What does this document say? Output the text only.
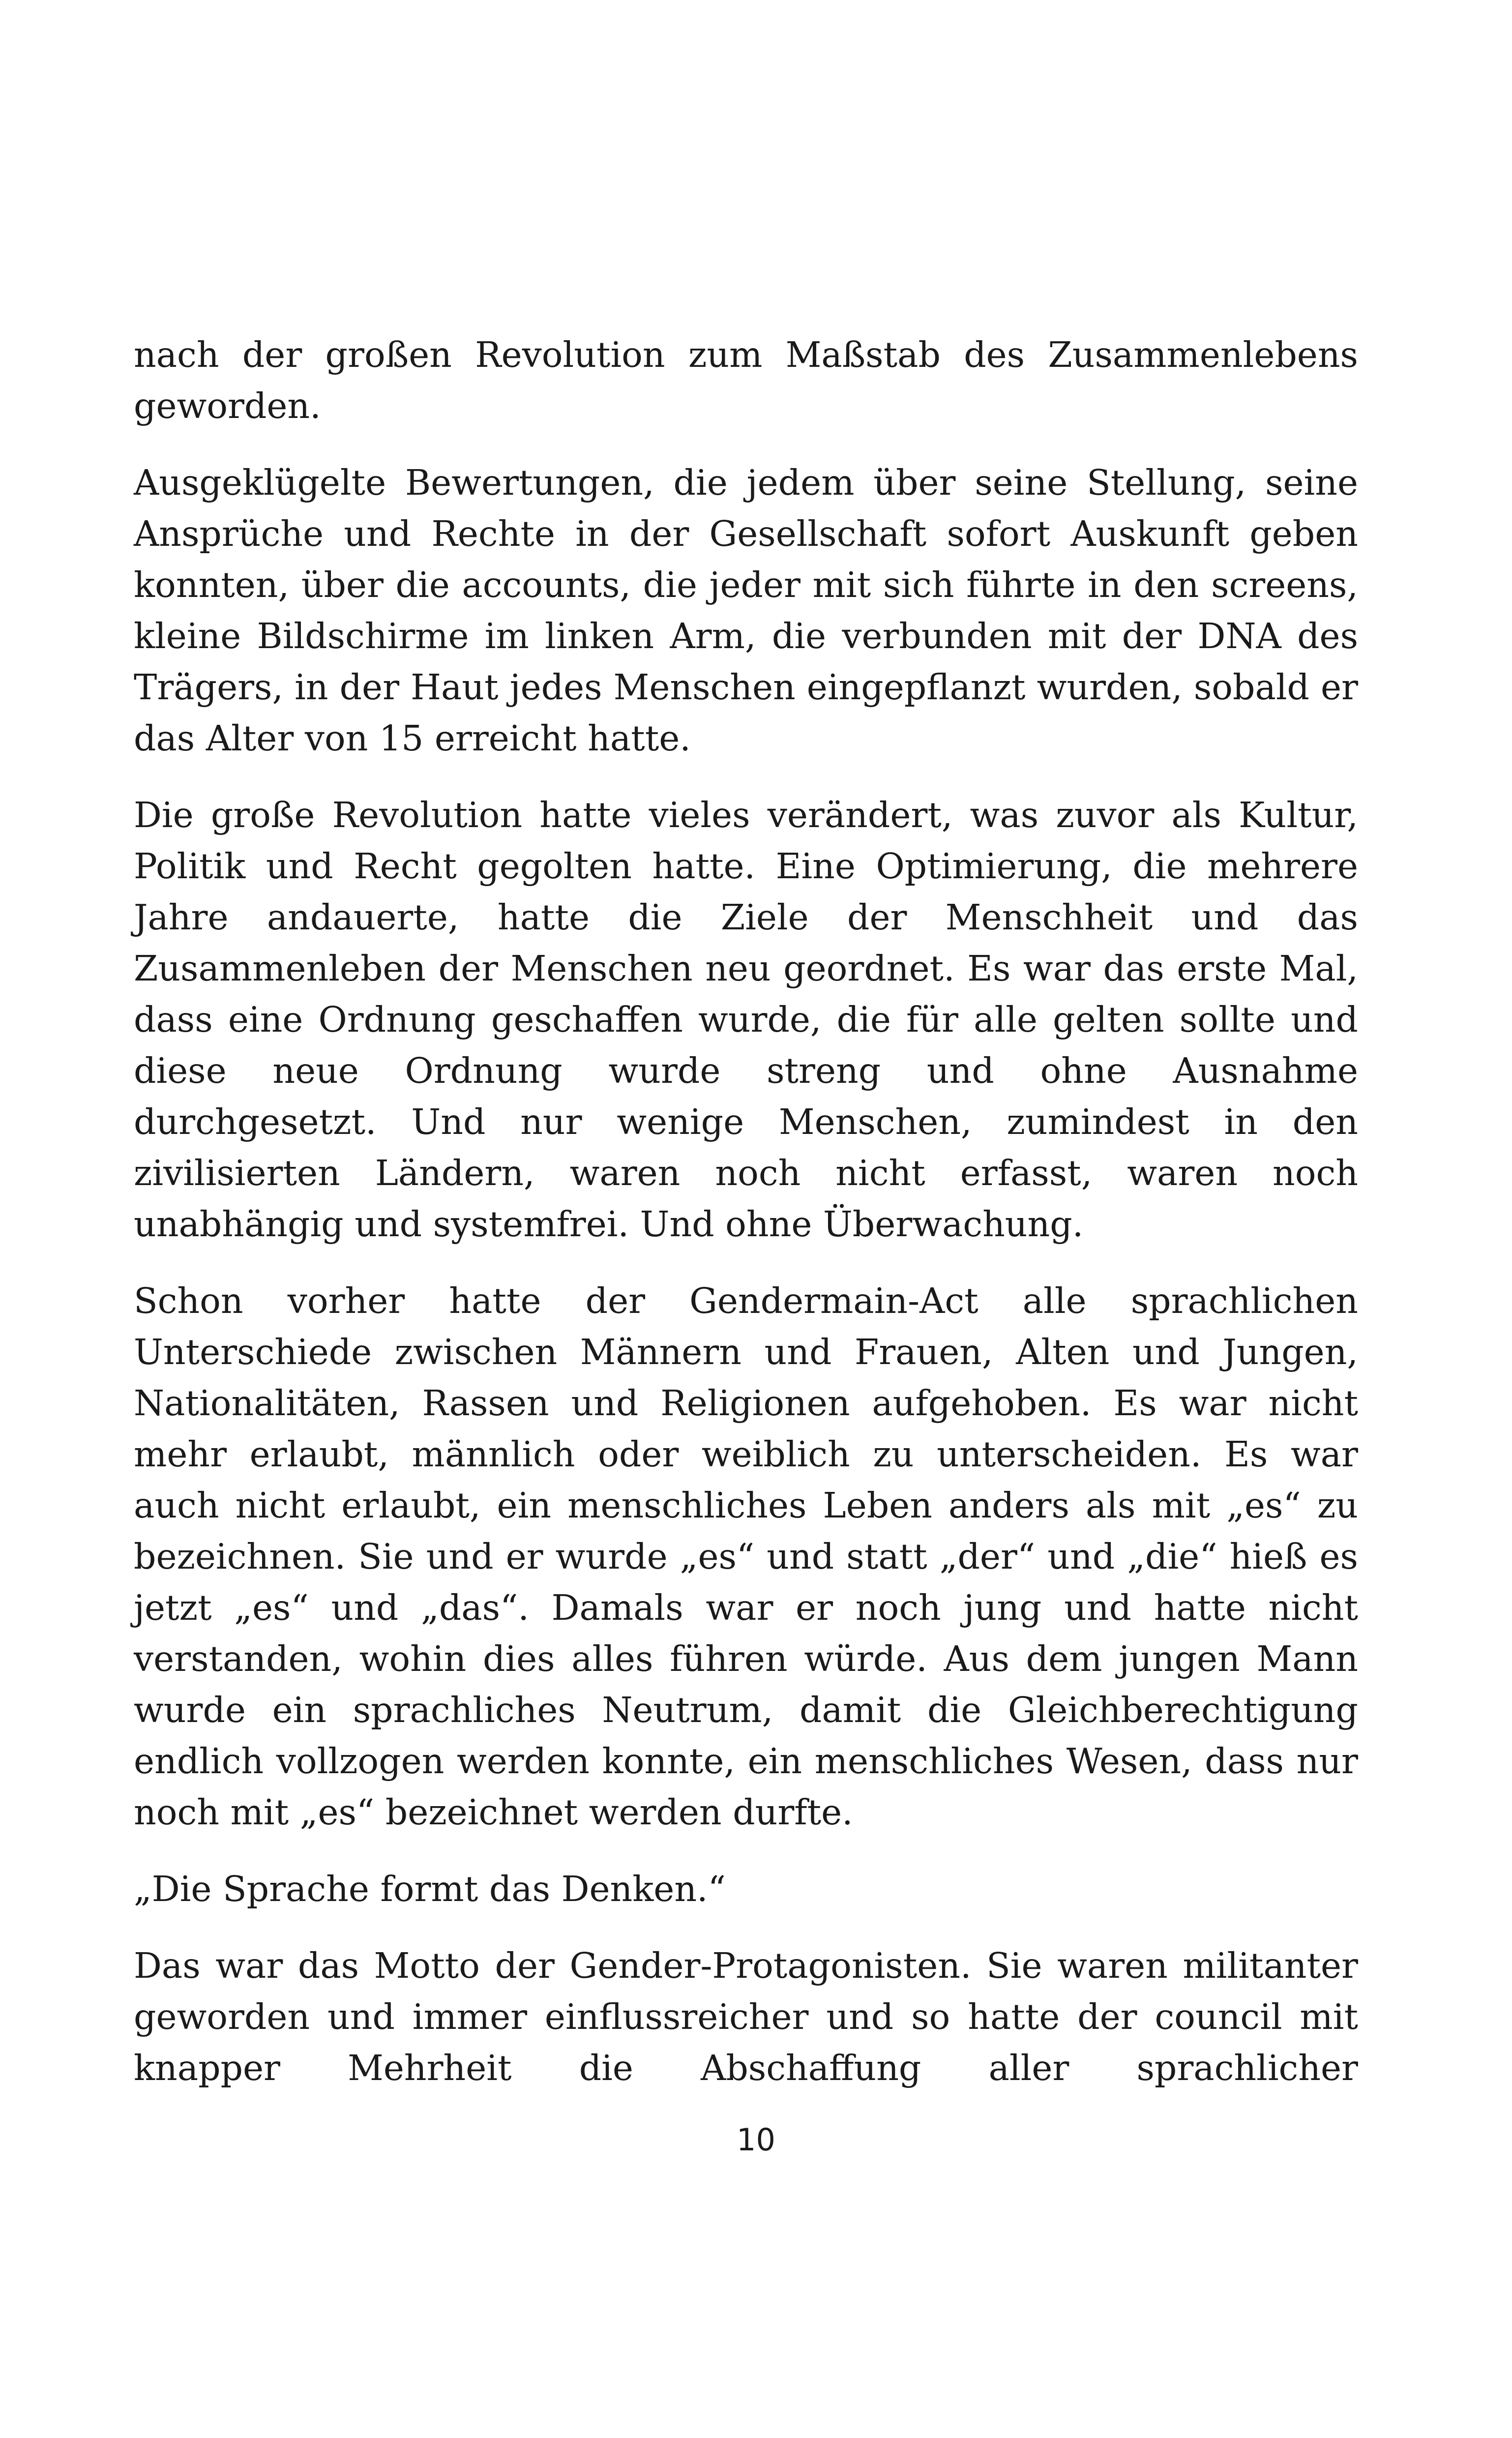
nach der großen Revolution zum Maßstab des Zusammenlebens geworden.

Ausgeklügelte Bewertungen, die jedem über seine Stellung, seine Ansprüche und Rechte in der Gesellschaft sofort Auskunft geben konnten, über die accounts, die jeder mit sich führte in den screens, kleine Bildschirme im linken Arm, die verbunden mit der DNA des Trägers, in der Haut jedes Menschen eingepflanzt wurden, sobald er das Alter von 15 erreicht hatte.

Die große Revolution hatte vieles verändert, was zuvor als Kultur, Politik und Recht gegolten hatte. Eine Optimierung, die mehrere Jahre andauerte, hatte die Ziele der Menschheit und das Zusammenleben der Menschen neu geordnet. Es war das erste Mal, dass eine Ordnung geschaffen wurde, die für alle gelten sollte und diese neue Ordnung wurde streng und ohne Ausnahme durchgesetzt. Und nur wenige Menschen, zumindest in den zivilisierten Ländern, waren noch nicht erfasst, waren noch unabhängig und systemfrei. Und ohne Überwachung.

Schon vorher hatte der Gendermain-Act alle sprachlichen Unterschiede zwischen Männern und Frauen, Alten und Jungen, Nationalitäten, Rassen und Religionen aufgehoben. Es war nicht mehr erlaubt, männlich oder weiblich zu unterscheiden. Es war auch nicht erlaubt, ein menschliches Leben anders als mit „es“ zu bezeichnen. Sie und er wurde „es“ und statt „der“ und „die“ hieß es jetzt „es“ und „das“. Damals war er noch jung und hatte nicht verstanden, wohin dies alles führen würde. Aus dem jungen Mann wurde ein sprachliches Neutrum, damit die Gleichberechtigung endlich vollzogen werden konnte, ein menschliches Wesen, dass nur noch mit „es“ bezeichnet werden durfte.

„Die Sprache formt das Denken.“

Das war das Motto der Gender-Protagonisten. Sie waren militanter geworden und immer einflussreicher und so hatte der council mit knapper Mehrheit die Abschaffung aller sprachlicher

10
